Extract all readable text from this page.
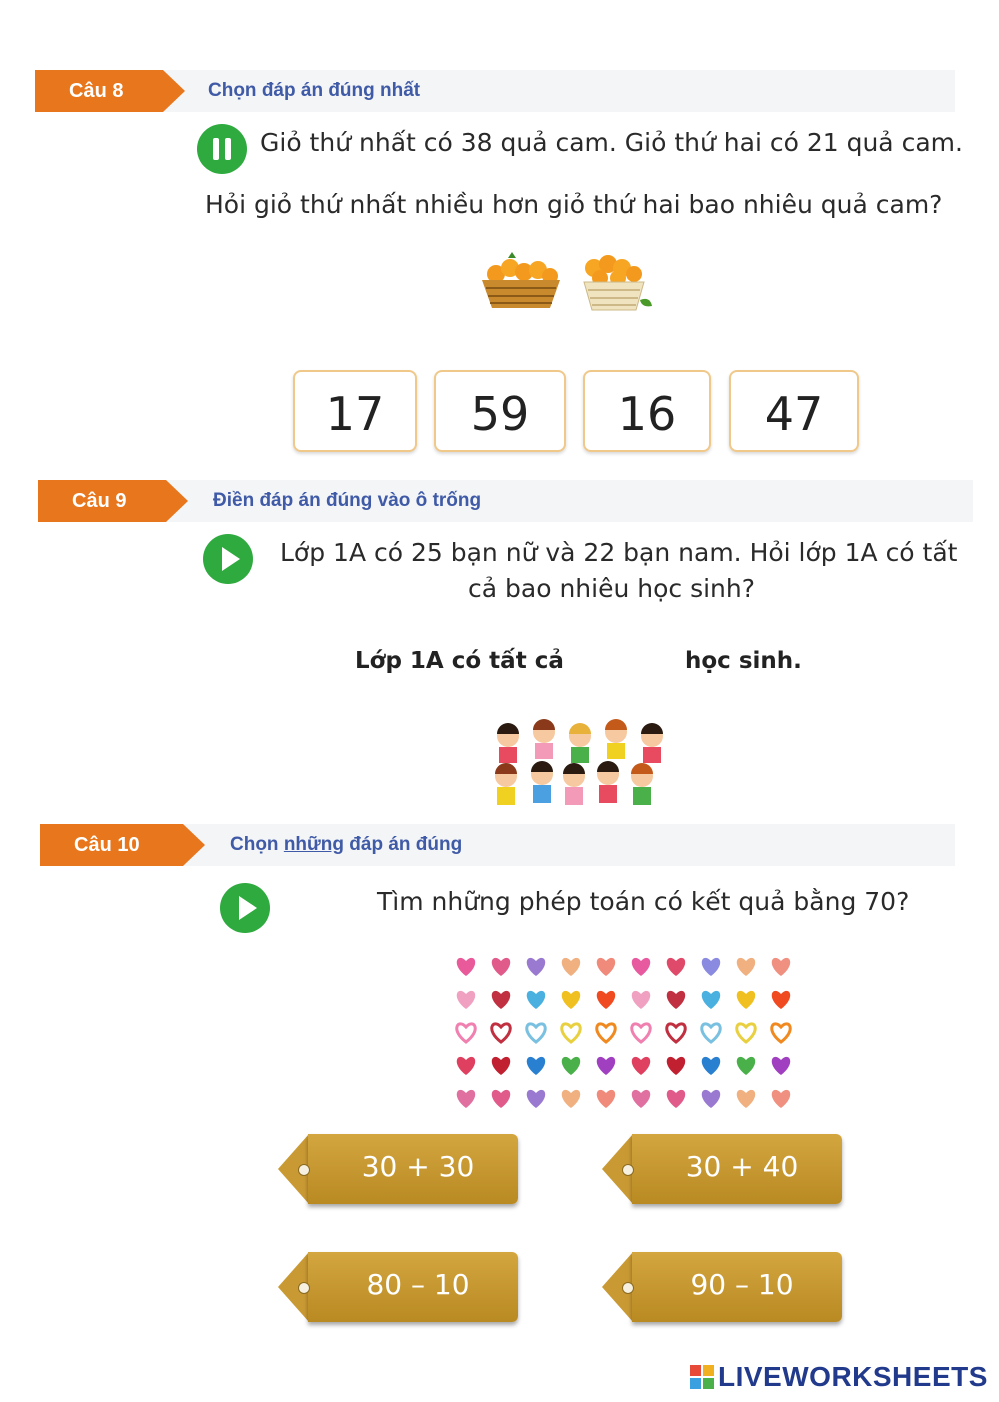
Câu 8	Chọn đáp án đúng nhất
Giỏ thứ nhất có 38 quả cam. Giỏ thứ hai có 21 quả cam.
Hỏi giỏ thứ nhất nhiều hơn giỏ thứ hai bao nhiêu quả cam?
17	59	16	47
Câu 9	Điền đáp án đúng vào ô trống
Lớp 1A có 25 bạn nữ và 22 bạn nam. Hỏi lớp 1A có tất
cả bao nhiêu học sinh?
Lớp 1A có tất cả	học sinh.
Câu 10	Chọn những đáp án đúng
Tìm những phép toán có kết quả bằng 70?
30 + 30	30 + 40
80 – 10	90 – 10
LIVEWORKSHEETS
